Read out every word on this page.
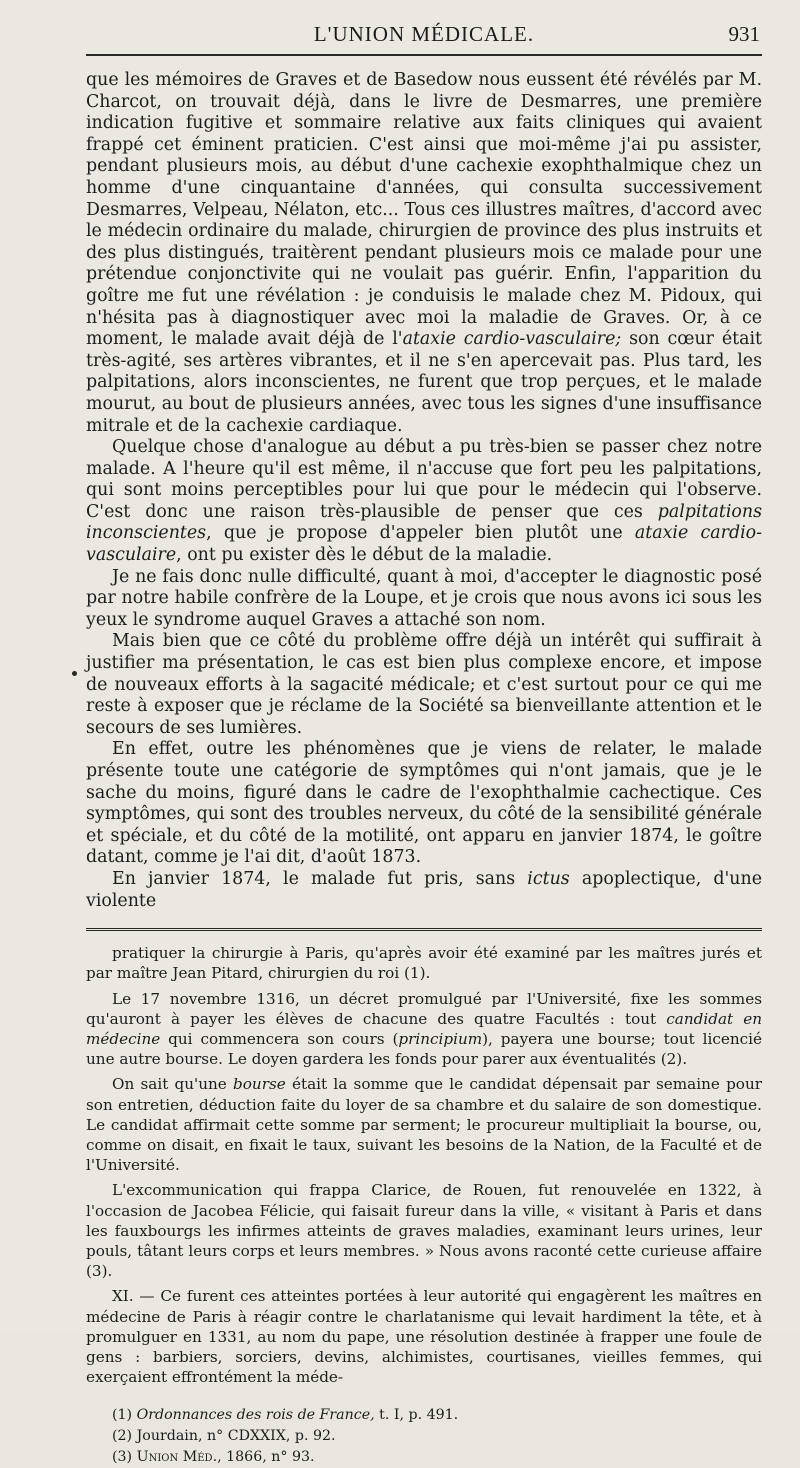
L'UNION MÉDICALE.	931

que les mémoires de Graves et de Basedow nous eussent été révélés par M. Charcot, on trouvait déjà, dans le livre de Desmarres, une première indication fugitive et sommaire relative aux faits cliniques qui avaient frappé cet éminent praticien. C'est ainsi que moi-même j'ai pu assister, pendant plusieurs mois, au début d'une cachexie exophthalmique chez un homme d'une cinquantaine d'années, qui consulta successivement Desmarres, Velpeau, Nélaton, etc... Tous ces illustres maîtres, d'accord avec le médecin ordinaire du malade, chirurgien de province des plus instruits et des plus distingués, traitèrent pendant plusieurs mois ce malade pour une prétendue conjonctivite qui ne voulait pas guérir. Enfin, l'apparition du goître me fut une révélation : je conduisis le malade chez M. Pidoux, qui n'hésita pas à diagnostiquer avec moi la maladie de Graves. Or, à ce moment, le malade avait déjà de l'ataxie cardio-vasculaire; son cœur était très-agité, ses artères vibrantes, et il ne s'en apercevait pas. Plus tard, les palpitations, alors inconscientes, ne furent que trop perçues, et le malade mourut, au bout de plusieurs années, avec tous les signes d'une insuffisance mitrale et de la cachexie cardiaque.

Quelque chose d'analogue au début a pu très-bien se passer chez notre malade. A l'heure qu'il est même, il n'accuse que fort peu les palpitations, qui sont moins perceptibles pour lui que pour le médecin qui l'observe. C'est donc une raison très-plausible de penser que ces palpitations inconscientes, que je propose d'appeler bien plutôt une ataxie cardio-vasculaire, ont pu exister dès le début de la maladie.

Je ne fais donc nulle difficulté, quant à moi, d'accepter le diagnostic posé par notre habile confrère de la Loupe, et je crois que nous avons ici sous les yeux le syndrome auquel Graves a attaché son nom.

Mais bien que ce côté du problème offre déjà un intérêt qui suffirait à justifier ma présentation, le cas est bien plus complexe encore, et impose de nouveaux efforts à la sagacité médicale; et c'est surtout pour ce qui me reste à exposer que je réclame de la Société sa bienveillante attention et le secours de ses lumières.

En effet, outre les phénomènes que je viens de relater, le malade présente toute une catégorie de symptômes qui n'ont jamais, que je le sache du moins, figuré dans le cadre de l'exophthalmie cachectique. Ces symptômes, qui sont des troubles nerveux, du côté de la sensibilité générale et spéciale, et du côté de la motilité, ont apparu en janvier 1874, le goître datant, comme je l'ai dit, d'août 1873.

En janvier 1874, le malade fut pris, sans ictus apoplectique, d'une violente

pratiquer la chirurgie à Paris, qu'après avoir été examiné par les maîtres jurés et par maître Jean Pitard, chirurgien du roi (1).

Le 17 novembre 1316, un décret promulgué par l'Université, fixe les sommes qu'auront à payer les élèves de chacune des quatre Facultés : tout candidat en médecine qui commencera son cours (principium), payera une bourse; tout licencié une autre bourse. Le doyen gardera les fonds pour parer aux éventualités (2).

On sait qu'une bourse était la somme que le candidat dépensait par semaine pour son entretien, déduction faite du loyer de sa chambre et du salaire de son domestique. Le candidat affirmait cette somme par serment; le procureur multipliait la bourse, ou, comme on disait, en fixait le taux, suivant les besoins de la Nation, de la Faculté et de l'Université.

L'excommunication qui frappa Clarice, de Rouen, fut renouvelée en 1322, à l'occasion de Jacobea Félicie, qui faisait fureur dans la ville, « visitant à Paris et dans les fauxbourgs les infirmes atteints de graves maladies, examinant leurs urines, leur pouls, tâtant leurs corps et leurs membres. » Nous avons raconté cette curieuse affaire (3).

XI. — Ce furent ces atteintes portées à leur autorité qui engagèrent les maîtres en médecine de Paris à réagir contre le charlatanisme qui levait hardiment la tête, et à promulguer en 1331, au nom du pape, une résolution destinée à frapper une foule de gens : barbiers, sorciers, devins, alchimistes, courtisanes, vieilles femmes, qui exerçaient effrontément la méde-

(1) Ordonnances des rois de France, t. I, p. 491.
(2) Jourdain, n° CDXXIX, p. 92.
(3) Union Méd., 1866, n° 93.
